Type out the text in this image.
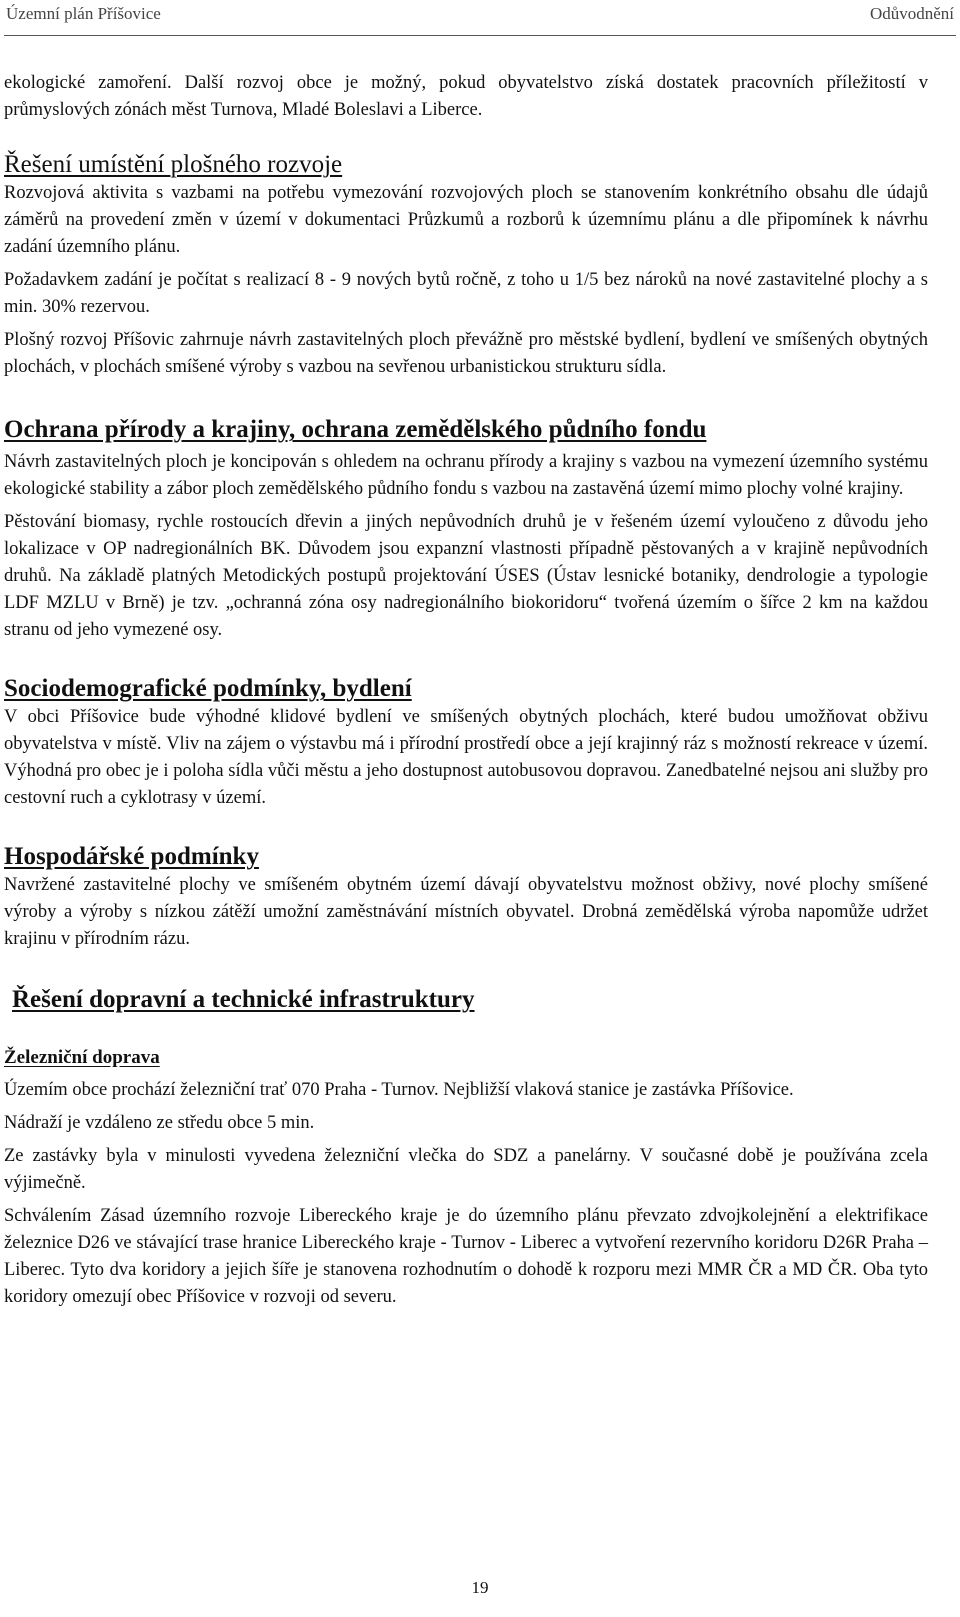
Územní plán Příšovice	Odůvodnění

ekologické zamoření. Další rozvoj obce je možný, pokud obyvatelstvo získá dostatek pracovních příležitostí v průmyslových zónách měst Turnova, Mladé Boleslavi a Liberce.

Řešení umístění plošného rozvoje

Rozvojová aktivita s vazbami na potřebu vymezování rozvojových ploch se stanovením konkrétního obsahu dle údajů záměrů na provedení změn v území v dokumentaci Průzkumů a rozborů k územnímu plánu a dle připomínek k návrhu zadání územního plánu.

Požadavkem zadání je počítat s realizací 8 - 9 nových bytů ročně, z toho u 1/5 bez nároků na nové zastavitelné plochy a s min. 30% rezervou.

Plošný rozvoj Příšovic zahrnuje návrh zastavitelných ploch převážně pro městské bydlení, bydlení ve smíšených obytných plochách, v plochách smíšené výroby s vazbou na sevřenou urbanistickou strukturu sídla.

Ochrana přírody a krajiny, ochrana zemědělského půdního fondu

Návrh zastavitelných ploch je koncipován s ohledem na ochranu přírody a krajiny s vazbou na vymezení územního systému ekologické stability a zábor ploch zemědělského půdního fondu s vazbou na zastavěná území mimo plochy volné krajiny.

Pěstování biomasy, rychle rostoucích dřevin a jiných nepůvodních druhů je v řešeném území vyloučeno z důvodu jeho lokalizace v OP nadregionálních BK. Důvodem jsou expanzní vlastnosti případně pěstovaných a v krajině nepůvodních druhů. Na základě platných Metodických postupů projektování ÚSES (Ústav lesnické botaniky, dendrologie a typologie LDF MZLU v Brně) je tzv. „ochranná zóna osy nadregionálního biokoridoru“ tvořená územím o šířce 2 km na každou stranu od jeho vymezené osy.

Sociodemografické podmínky, bydlení

V obci Příšovice bude výhodné klidové bydlení ve smíšených obytných plochách, které budou umožňovat obživu obyvatelstva v místě. Vliv na zájem o výstavbu má i přírodní prostředí obce a její krajinný ráz s možností rekreace v území. Výhodná pro obec je i poloha sídla vůči městu a jeho dostupnost autobusovou dopravou. Zanedbatelné nejsou ani služby pro cestovní ruch a cyklotrasy v území.

Hospodářské podmínky

Navržené zastavitelné plochy ve smíšeném obytném území dávají obyvatelstvu možnost obživy, nové plochy smíšené výroby a výroby s nízkou zátěží umožní zaměstnávání místních obyvatel. Drobná zemědělská výroba napomůže udržet krajinu v přírodním rázu.

Řešení dopravní a technické infrastruktury
Železniční doprava

Územím obce prochází železniční trať 070 Praha - Turnov. Nejbližší vlaková stanice je zastávka Příšovice.

Nádraží je vzdáleno ze středu obce 5 min.

Ze zastávky byla v minulosti vyvedena železniční vlečka do SDZ a panelárny. V současné době je používána zcela výjimečně.

Schválením Zásad územního rozvoje Libereckého kraje je do územního plánu převzato zdvojkolejnění a elektrifikace železnice D26 ve stávající trase hranice Libereckého kraje - Turnov - Liberec a vytvoření rezervního koridoru D26R Praha – Liberec. Tyto dva koridory a jejich šíře je stanovena rozhodnutím o dohodě k rozporu mezi MMR ČR a MD ČR. Oba tyto koridory omezují obec Příšovice v rozvoji od severu.

19
